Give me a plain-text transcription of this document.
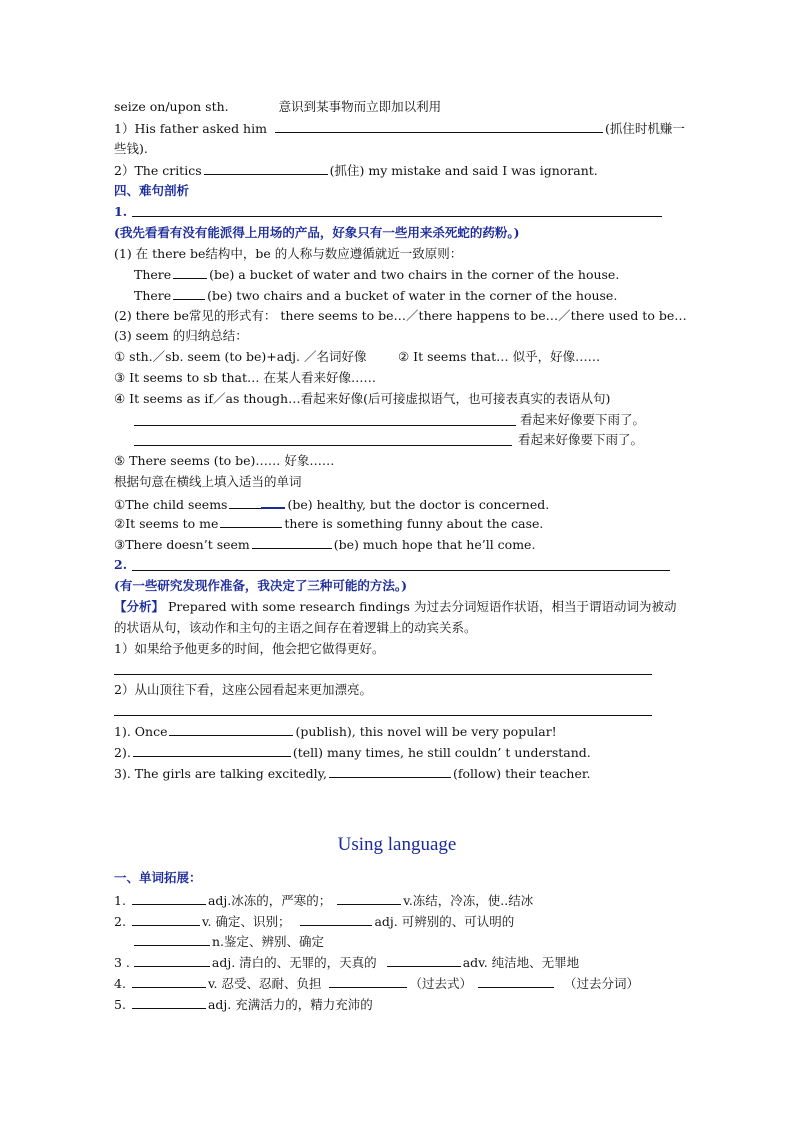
seize on/upon sth.	意识到某事物而立即加以利用
1）His father asked him	(抓住时机赚一
些钱).
2）The critics	(抓住) my mistake and said I was ignorant.
四、难句剖析
1.
(我先看看有没有能派得上用场的产品，好象只有一些用来杀死蛇的药粉。)
(1) 在 there be结构中，be 的人称与数应遵循就近一致原则：
There	(be) a bucket of water and two chairs in the corner of the house.
There	(be) two chairs and a bucket of water in the corner of the house.
(2) there be常见的形式有： there seems to be…／there happens to be…／there used to be…
(3) seem 的归纳总结：
① sth.／sb. seem (to be)+adj. ／名词好像	② It seems that… 似乎，好像……
③ It seems to sb that… 在某人看来好像……
④ It seems as if／as though…看起来好像(后可接虚拟语气，也可接表真实的表语从句)
看起来好像要下雨了。
看起来好像要下雨了。
⑤ There seems (to be)…… 好象……
根据句意在横线上填入适当的单词
①The child seems	(be) healthy, but the doctor is concerned.
②It seems to me	there is something funny about the case.
③There doesn’t seem	(be) much hope that he’ll come.
2.
(有一些研究发现作准备，我决定了三种可能的方法。)
【分析】 Prepared with some research findings 为过去分词短语作状语，相当于谓语动词为被动
的状语从句，该动作和主句的主语之间存在着逻辑上的动宾关系。
1）如果给予他更多的时间，他会把它做得更好。
2）从山顶往下看，这座公园看起来更加漂亮。
1). Once	(publish), this novel will be very popular!
2).	(tell) many times, he still couldn’ t understand.
3). The girls are talking excitedly,	(follow) their teacher.
Using language
一、单词拓展：
1.	adj.冰冻的，严寒的；	v.冻结，冷冻，使..结冰
2.	v. 确定、识别；	adj. 可辨别的、可认明的
n.鉴定、辨别、确定
3 .	adj. 清白的、无罪的，天真的	adv. 纯洁地、无罪地
4.	v. 忍受、忍耐、负担	（过去式）	（过去分词）
5.	adj. 充满活力的，精力充沛的
